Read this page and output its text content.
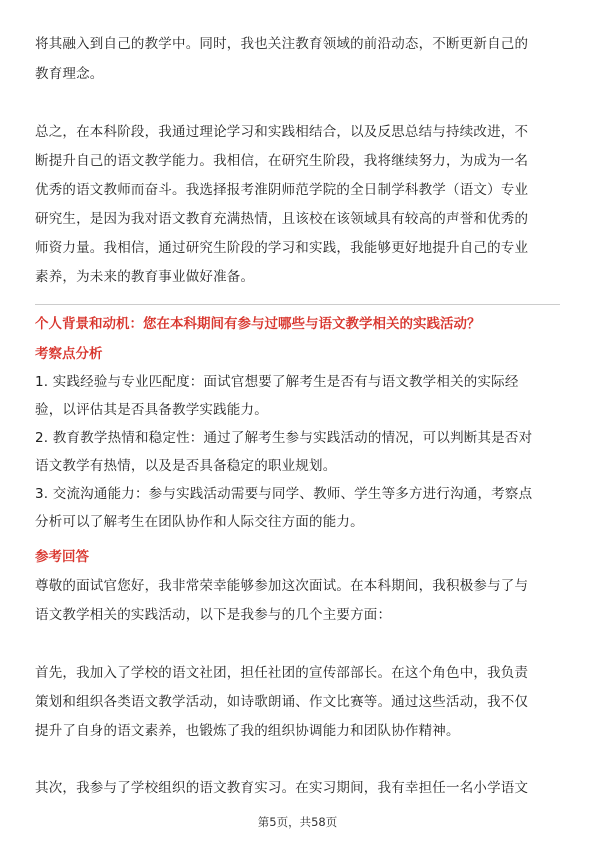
将其融入到自己的教学中。同时，我也关注教育领域的前沿动态，不断更新自己的

教育理念。

总之，在本科阶段，我通过理论学习和实践相结合，以及反思总结与持续改进，不

断提升自己的语文教学能力。我相信，在研究生阶段，我将继续努力，为成为一名

优秀的语文教师而奋斗。我选择报考淮阴师范学院的全日制学科教学（语文）专业

研究生，是因为我对语文教育充满热情，且该校在该领域具有较高的声誉和优秀的

师资力量。我相信，通过研究生阶段的学习和实践，我能够更好地提升自己的专业

素养，为未来的教育事业做好准备。

个人背景和动机：您在本科期间有参与过哪些与语文教学相关的实践活动？

考察点分析

1. 实践经验与专业匹配度：面试官想要了解考生是否有与语文教学相关的实际经

验，以评估其是否具备教学实践能力。

2. 教育教学热情和稳定性：通过了解考生参与实践活动的情况，可以判断其是否对

语文教学有热情，以及是否具备稳定的职业规划。

3. 交流沟通能力：参与实践活动需要与同学、教师、学生等多方进行沟通，考察点

分析可以了解考生在团队协作和人际交往方面的能力。

参考回答

尊敬的面试官您好，我非常荣幸能够参加这次面试。在本科期间，我积极参与了与

语文教学相关的实践活动，以下是我参与的几个主要方面：

首先，我加入了学校的语文社团，担任社团的宣传部部长。在这个角色中，我负责

策划和组织各类语文教学活动，如诗歌朗诵、作文比赛等。通过这些活动，我不仅

提升了自身的语文素养，也锻炼了我的组织协调能力和团队协作精神。

其次，我参与了学校组织的语文教育实习。在实习期间，我有幸担任一名小学语文

第5页，共58页
